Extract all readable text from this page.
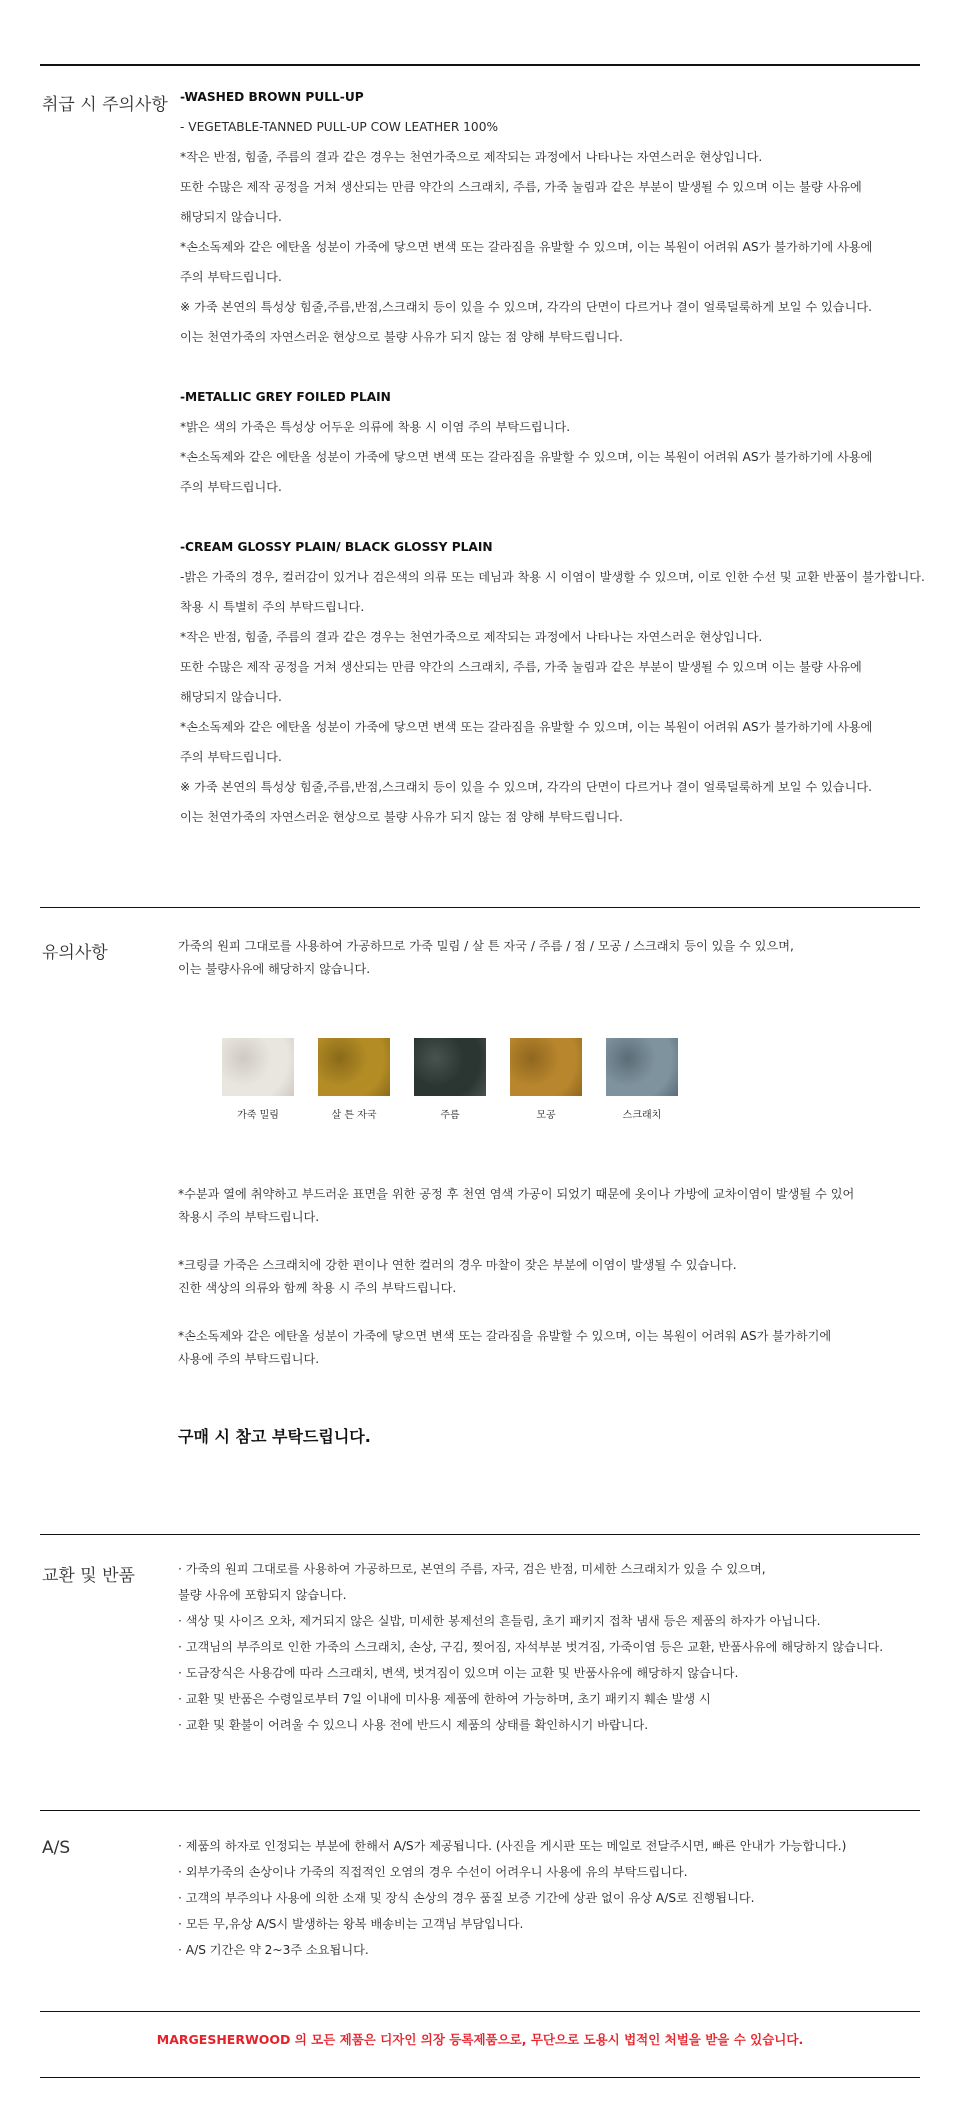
취급 시 주의사항 -WASHED BROWN PULL-UP
- VEGETABLE-TANNED PULL-UP COW LEATHER 100%
*작은 반점, 힘줄, 주름의 결과 같은 경우는 천연가죽으로 제작되는 과정에서 나타나는 자연스러운 현상입니다.
또한 수많은 제작 공정을 거쳐 생산되는 만큼 약간의 스크래치, 주름, 가죽 눌림과 같은 부분이 발생될 수 있으며 이는 불량 사유에
해당되지 않습니다.
*손소독제와 같은 에탄올 성분이 가죽에 닿으면 변색 또는 갈라짐을 유발할 수 있으며, 이는 복원이 어려워 AS가 불가하기에 사용에
주의 부탁드립니다.
※ 가죽 본연의 특성상 힘줄,주름,반점,스크래치 등이 있을 수 있으며, 각각의 단면이 다르거나 결이 얼룩덜룩하게 보일 수 있습니다.
이는 천연가죽의 자연스러운 현상으로 불량 사유가 되지 않는 점 양해 부탁드립니다.
-METALLIC GREY FOILED PLAIN
*밝은 색의 가죽은 특성상 어두운 의류에 착용 시 이염 주의 부탁드립니다.
*손소독제와 같은 에탄올 성분이 가죽에 닿으면 변색 또는 갈라짐을 유발할 수 있으며, 이는 복원이 어려워 AS가 불가하기에 사용에
주의 부탁드립니다.
-CREAM GLOSSY PLAIN/ BLACK GLOSSY PLAIN
-밝은 가죽의 경우, 컬러감이 있거나 검은색의 의류 또는 데님과 착용 시 이염이 발생할 수 있으며, 이로 인한 수선 및 교환 반품이 불가합니다.
착용 시 특별히 주의 부탁드립니다.
*작은 반점, 힘줄, 주름의 결과 같은 경우는 천연가죽으로 제작되는 과정에서 나타나는 자연스러운 현상입니다.
또한 수많은 제작 공정을 거쳐 생산되는 만큼 약간의 스크래치, 주름, 가죽 눌림과 같은 부분이 발생될 수 있으며 이는 불량 사유에
해당되지 않습니다.
*손소독제와 같은 에탄올 성분이 가죽에 닿으면 변색 또는 갈라짐을 유발할 수 있으며, 이는 복원이 어려워 AS가 불가하기에 사용에
주의 부탁드립니다.
※ 가죽 본연의 특성상 힘줄,주름,반점,스크래치 등이 있을 수 있으며, 각각의 단면이 다르거나 결이 얼룩덜룩하게 보일 수 있습니다.
이는 천연가죽의 자연스러운 현상으로 불량 사유가 되지 않는 점 양해 부탁드립니다.
유의사항	가죽의 원피 그대로를 사용하여 가공하므로 가죽 밀림 / 살 튼 자국 / 주름 / 점 / 모공 / 스크래치 등이 있을 수 있으며,
이는 불량사유에 해당하지 않습니다.
가죽 밀림	살 튼 자국	주름	모공	스크래치
*수분과 열에 취약하고 부드러운 표면을 위한 공정 후 천연 염색 가공이 되었기 때문에 옷이나 가방에 교차이염이 발생될 수 있어
착용시 주의 부탁드립니다.
*크링클 가죽은 스크래치에 강한 편이나 연한 컬러의 경우 마찰이 잦은 부분에 이염이 발생될 수 있습니다.
진한 색상의 의류와 함께 착용 시 주의 부탁드립니다.
*손소독제와 같은 에탄올 성분이 가죽에 닿으면 변색 또는 갈라짐을 유발할 수 있으며, 이는 복원이 어려워 AS가 불가하기에
사용에 주의 부탁드립니다.
구매 시 참고 부탁드립니다.
교환 및 반품	· 가죽의 원피 그대로를 사용하여 가공하므로, 본연의 주름, 자국, 검은 반점, 미세한 스크래치가 있을 수 있으며,
불량 사유에 포함되지 않습니다.
· 색상 및 사이즈 오차, 제거되지 않은 실밥, 미세한 봉제선의 흔들림, 초기 패키지 접착 냄새 등은 제품의 하자가 아닙니다.
· 고객님의 부주의로 인한 가죽의 스크래치, 손상, 구김, 찢어짐, 자석부분 벗겨짐, 가죽이염 등은 교환, 반품사유에 해당하지 않습니다.
· 도금장식은 사용감에 따라 스크래치, 변색, 벗겨짐이 있으며 이는 교환 및 반품사유에 해당하지 않습니다.
· 교환 및 반품은 수령일로부터 7일 이내에 미사용 제품에 한하여 가능하며, 초기 패키지 훼손 발생 시
· 교환 및 환불이 어려울 수 있으니 사용 전에 반드시 제품의 상태를 확인하시기 바랍니다.
A/S	· 제품의 하자로 인정되는 부분에 한해서 A/S가 제공됩니다. (사진을 게시판 또는 메일로 전달주시면, 빠른 안내가 가능합니다.)
· 외부가죽의 손상이나 가죽의 직접적인 오염의 경우 수선이 어려우니 사용에 유의 부탁드립니다.
· 고객의 부주의나 사용에 의한 소재 및 장식 손상의 경우 품질 보증 기간에 상관 없이 유상 A/S로 진행됩니다.
· 모든 무,유상 A/S시 발생하는 왕복 배송비는 고객님 부담입니다.
· A/S 기간은 약 2~3주 소요됩니다.
MARGESHERWOOD 의 모든 제품은 디자인 의장 등록제품으로, 무단으로 도용시 법적인 처벌을 받을 수 있습니다.
